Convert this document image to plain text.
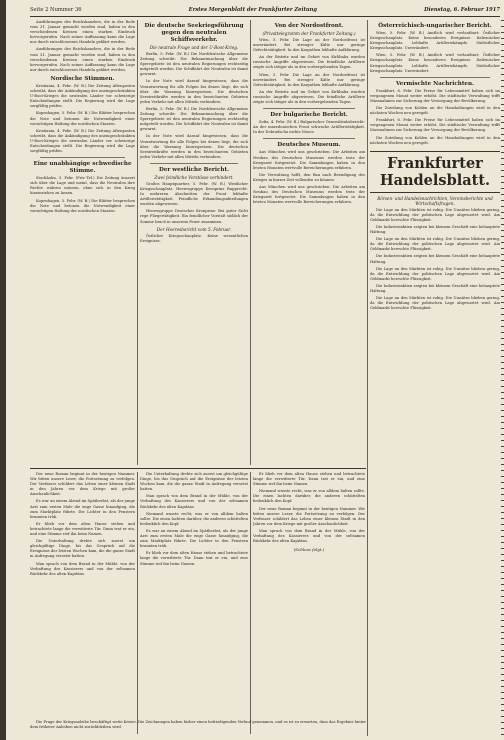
Seite 2 Nummer 36	Erstes Morgenblatt der Frankfurter Zeitung	Dienstag, 6. Februar 1917

Ausführungen des Reichskanzlers, die in der Rede vom 31. Januar gemacht worden sind, haben in den verschiedenen Kreisen einen starken Eindruck hervorgerufen. Nach seiner Auffassung kann die Lage nur durch entschlossenes Handeln geklärt werden.

Ausführungen des Reichskanzlers, die in der Rede vom 31. Januar gemacht worden sind, haben in den verschiedenen Kreisen einen starken Eindruck hervorgerufen. Nach seiner Auffassung kann die Lage nur durch entschlossenes Handeln geklärt werden.

Nordische Stimmen.

Kristiania, 4. Febr. (W. B.) Die Zeitung Aftenposten schreibt, dass die Ankündigung des uneingeschränkten U-Boot-Krieges die neutralen Länder vor schwierige Entscheidungen stellt. Die Regierung wird die Lage sorgfältig prüfen.

Kopenhagen, 5. Febr. (W. B.) Die Blätter besprechen die Note und betonen die Notwendigkeit einer vorsichtigen Haltung der nordischen Staaten.

Kristiania, 4. Febr. (W. B.) Die Zeitung Aftenposten schreibt, dass die Ankündigung des uneingeschränkten U-Boot-Krieges die neutralen Länder vor schwierige Entscheidungen stellt. Die Regierung wird die Lage sorgfältig prüfen.

Eine unabhängige schwedische Stimme.

Stockholm, 5. Febr. (Priv.-Tel.) Die Zeitung äussert sich über die Lage und meint, dass die Neutralen ihre Rechte wahren müssen, ohne sich in den Krieg hineinziehen zu lassen.

Kopenhagen, 5. Febr. (W. B.) Die Blätter besprechen die Note und betonen die Notwendigkeit einer vorsichtigen Haltung der nordischen Staaten.

Die deutsche Seekriegsführung gegen den neutralen Schiffsverkehr.
Die neutrale Frage und der U-Boot-Krieg.

Berlin, 5. Febr. (W. B.) Die Norddeutsche Allgemeine Zeitung schreibt: Die Bekanntmachung über die Sperrgebiete ist den neutralen Regierungen rechtzeitig mitgeteilt worden. Die Schiffahrt der Neutralen ist damit gewarnt.

In der Note wird darauf hingewiesen, dass die Verantwortung für alle Folgen bei denen liegt, die sich über die Warnung hinwegsetzen. Die deutschen Seestreitkräfte werden in den bezeichneten Gebieten jeden Verkehr mit allen Mitteln verhindern.

Berlin, 5. Febr. (W. B.) Die Norddeutsche Allgemeine Zeitung schreibt: Die Bekanntmachung über die Sperrgebiete ist den neutralen Regierungen rechtzeitig mitgeteilt worden. Die Schiffahrt der Neutralen ist damit gewarnt.

In der Note wird darauf hingewiesen, dass die Verantwortung für alle Folgen bei denen liegt, die sich über die Warnung hinwegsetzen. Die deutschen Seestreitkräfte werden in den bezeichneten Gebieten jeden Verkehr mit allen Mitteln verhindern.

Der westliche Bericht.
Zwei feindliche Vorstösse verhindert.

Großes Hauptquartier, 5. Febr. (W. B.) Westlicher Kriegsschauplatz. Heeresgruppe Kronprinz Rupprecht: In mehreren Abschnitten der Front lebhafte Artillerietätigkeit. Feindliche Erkundungsabteilungen wurden abgewiesen.

Heeresgruppe Deutscher Kronprinz: Bei guter Sicht rege Fliegertätigkeit. Ein feindlicher Vorstoß südlich der Somme brach in unserem Feuer zusammen.

Der Heeresbericht vom 5. Februar.

Östlicher Kriegsschauplatz. Keine wesentlichen Ereignisse.

Von der Nordostfront.
(Privattelegramm der Frankfurter Zeitung.)

Wien, 5. Febr. Die Lage an der Nordostfront ist unverändert. Bei strenger Kälte nur geringe Gefechtstätigkeit. In den Karpathen lebhafte Aufklärung.

An der Bistritz und im Gebiet von Kirlibaba wurden russische Angriffe abgewiesen. Die feindliche Artillerie zeigte sich tätiger als in den vorhergehenden Tagen.

Wien, 5. Febr. Die Lage an der Nordostfront ist unverändert. Bei strenger Kälte nur geringe Gefechtstätigkeit. In den Karpathen lebhafte Aufklärung.

An der Bistritz und im Gebiet von Kirlibaba wurden russische Angriffe abgewiesen. Die feindliche Artillerie zeigte sich tätiger als in den vorhergehenden Tagen.

Der bulgarische Bericht.

Sofia, 4. Febr. (W. B.) Bulgarischer Generalstabsbericht: An der mazedonischen Front schwache Artillerietätigkeit. In der Dobrudscha nichts Neues.

Deutsches Museum.

Aus München wird uns geschrieben: Die Arbeiten am Neubau des Deutschen Museums werden trotz der Kriegszeit fortgesetzt. Die Sammlungen haben in den letzten Monaten wertvolle Bereicherungen erfahren.

Die Verwaltung hofft, den Bau nach Beendigung des Krieges in kurzer Zeit vollenden zu können.

Aus München wird uns geschrieben: Die Arbeiten am Neubau des Deutschen Museums werden trotz der Kriegszeit fortgesetzt. Die Sammlungen haben in den letzten Monaten wertvolle Bereicherungen erfahren.

Österreichisch-ungarischer Bericht.

Wien, 5. Febr. (W. B.) Amtlich wird verlautbart: Östlicher Kriegsschauplatz. Keine besonderen Ereignisse. Italienischer Kriegsschauplatz. Lebhafte Artilleriekämpfe. Südöstlicher Kriegsschauplatz. Unverändert.

Wien, 5. Febr. (W. B.) Amtlich wird verlautbart: Östlicher Kriegsschauplatz. Keine besonderen Ereignisse. Italienischer Kriegsschauplatz. Lebhafte Artilleriekämpfe. Südöstlicher Kriegsschauplatz. Unverändert.

Vermischte Nachrichten.

Frankfurt, 6. Febr. Die Preise für Lebensmittel haben sich im vergangenen Monat weiter erhöht. Die städtische Verwaltung trifft Massnahmen zur Sicherung der Versorgung der Bevölkerung.

Die Zuteilung von Kohlen an die Haushaltungen wird in den nächsten Wochen neu geregelt.

Frankfurt, 6. Febr. Die Preise für Lebensmittel haben sich im vergangenen Monat weiter erhöht. Die städtische Verwaltung trifft Massnahmen zur Sicherung der Versorgung der Bevölkerung.

Die Zuteilung von Kohlen an die Haushaltungen wird in den nächsten Wochen neu geregelt.

Frankfurter Handelsblatt.
Börsen- und Handelsnachrichten, Vereinsberichte und Wirtschaftsfragen.

Die Lage an den Märkten ist ruhig. Die Umsätze blieben gering, da die Entwicklung der politischen Lage abgewartet wird. Am Geldmarkt herrschte Flüssigkeit.

Die Industrieaktien zeigten bei kleinem Geschäft eine behauptete Haltung.

Die Lage an den Märkten ist ruhig. Die Umsätze blieben gering, da die Entwicklung der politischen Lage abgewartet wird. Am Geldmarkt herrschte Flüssigkeit.

Die Industrieaktien zeigten bei kleinem Geschäft eine behauptete Haltung.

Die Lage an den Märkten ist ruhig. Die Umsätze blieben gering, da die Entwicklung der politischen Lage abgewartet wird. Am Geldmarkt herrschte Flüssigkeit.

Die Industrieaktien zeigten bei kleinem Geschäft eine behauptete Haltung.

Die Lage an den Märkten ist ruhig. Die Umsätze blieben gering, da die Entwicklung der politischen Lage abgewartet wird. Am Geldmarkt herrschte Flüssigkeit.

Der neue Roman beginnt in der heutigen Nummer. Wir bitten unsere Leser, die Fortsetzung zu verfolgen. Der Verfasser schildert das Leben einer kleinen Stadt in den Jahren vor dem Kriege mit großer Anschaulichkeit.

Es war an einem Abend im Spätherbst, als der junge Arzt zum ersten Male die enge Gasse hinaufging, die zum Marktplatz führte. Die Lichter in den Fenstern brannten trüb.

Er blieb vor dem alten Hause stehen und betrachtete lange die verwitterte Tür. Dann trat er ein, und eine Stimme rief ihn beim Namen.

Die Unterhaltung drehte sich zuerst um gleichgültige Dinge, bis das Gespräch auf die Ereignisse der letzten Wochen kam, die die ganze Stadt in Aufregung versetzt hatten.

Man sprach von dem Brand in der Mühle, von der Verhaftung des Kassierers und von der seltsamen Rückkehr des alten Kapitäns.

Die Unterhaltung drehte sich zuerst um gleichgültige Dinge, bis das Gespräch auf die Ereignisse der letzten Wochen kam, die die ganze Stadt in Aufregung versetzt hatten.

Man sprach von dem Brand in der Mühle, von der Verhaftung des Kassierers und von der seltsamen Rückkehr des alten Kapitäns.

Niemand wusste recht, was er von alldem halten sollte. Die einen lachten darüber, die anderen schüttelten bedenklich den Kopf.

Es war an einem Abend im Spätherbst, als der junge Arzt zum ersten Male die enge Gasse hinaufging, die zum Marktplatz führte. Die Lichter in den Fenstern brannten trüb.

Er blieb vor dem alten Hause stehen und betrachtete lange die verwitterte Tür. Dann trat er ein, und eine Stimme rief ihn beim Namen.

Er blieb vor dem alten Hause stehen und betrachtete lange die verwitterte Tür. Dann trat er ein, und eine Stimme rief ihn beim Namen.

Niemand wusste recht, was er von alldem halten sollte. Die einen lachten darüber, die anderen schüttelten bedenklich den Kopf.

Der neue Roman beginnt in der heutigen Nummer. Wir bitten unsere Leser, die Fortsetzung zu verfolgen. Der Verfasser schildert das Leben einer kleinen Stadt in den Jahren vor dem Kriege mit großer Anschaulichkeit.

Man sprach von dem Brand in der Mühle, von der Verhaftung des Kassierers und von der seltsamen Rückkehr des alten Kapitäns.

(Schluss folgt.)

Die Frage der Kriegsanleihe beschäftigt weite Kreise. Die Zeichnungen haben bisher einen befriedigenden Verlauf genommen, und es ist zu erwarten, dass das Ergebnis hinter dem früherer Anleihen nicht zurückbleiben wird.
